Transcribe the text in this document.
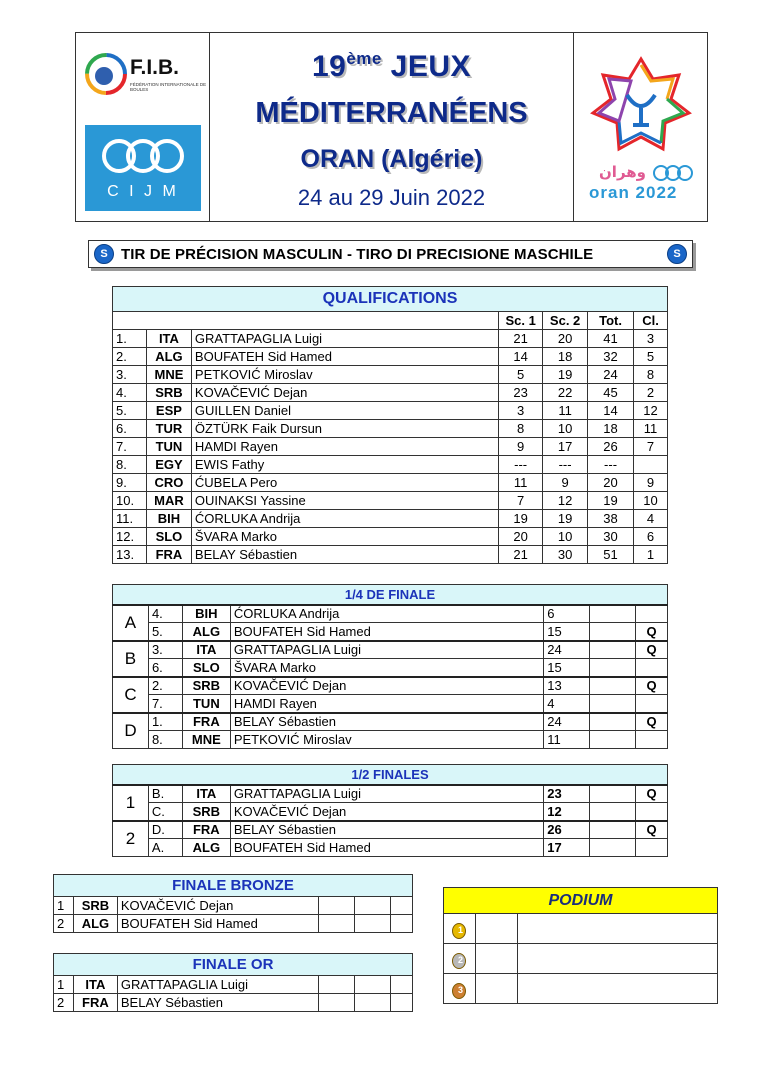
F.I.B.
FÉDÉRATION INTERNATIONALE DE BOULES
C I J M
19ème JEUX
MÉDITERRANÉENS
ORAN (Algérie)
24 au 29 Juin 2022
وهران
oran 2022
S TIR DE PRÉCISION MASCULIN - TIRO DI PRECISIONE MASCHILE	S
QUALIFICATIONS						
			Sc. 1	Sc. 2	Tot.	Cl.
1.	ITA	GRATTAPAGLIA Luigi	21	20	41	3
2.	ALG	BOUFATEH Sid Hamed	14	18	32	5
3.	MNE	PETKOVIĆ Miroslav	5	19	24	8
4.	SRB	KOVAČEVIĆ Dejan	23	22	45	2
5.	ESP	GUILLEN Daniel	3	11	14	12
6.	TUR	ÖZTÜRK Faik Dursun	8	10	18	11
7.	TUN	HAMDI Rayen	9	17	26	7
8.	EGY	EWIS Fathy	---	---	---	
9.	CRO	ĆUBELA Pero	11	9	20	9
10.	MAR	OUINAKSI Yassine	7	12	19	10
11.	BIH	ĆORLUKA Andrija	19	19	38	4
12.	SLO	ŠVARA Marko	20	10	30	6
13.	FRA	BELAY Sébastien	21	30	51	1
1/4 DE FINALE						
A	4.	BIH	ĆORLUKA Andrija	6		
	5.	ALG	BOUFATEH Sid Hamed	15		Q
B	3.	ITA	GRATTAPAGLIA Luigi	24		Q
	6.	SLO	ŠVARA Marko	15		
C	2.	SRB	KOVAČEVIĆ Dejan	13		Q
	7.	TUN	HAMDI Rayen	4		
D	1.	FRA	BELAY Sébastien	24		Q
	8.	MNE	PETKOVIĆ Miroslav	11		
1/2 FINALES						
1	B.	ITA	GRATTAPAGLIA Luigi	23		Q
	C.	SRB	KOVAČEVIĆ Dejan	12		
2	D.	FRA	BELAY Sébastien	26		Q
	A.	ALG	BOUFATEH Sid Hamed	17		
FINALE BRONZE					
1	SRB	KOVAČEVIĆ Dejan			
2	ALG	BOUFATEH Sid Hamed			
FINALE OR					
1	ITA	GRATTAPAGLIA Luigi			
2	FRA	BELAY Sébastien			
PODIUM		

1		

2		

3		
